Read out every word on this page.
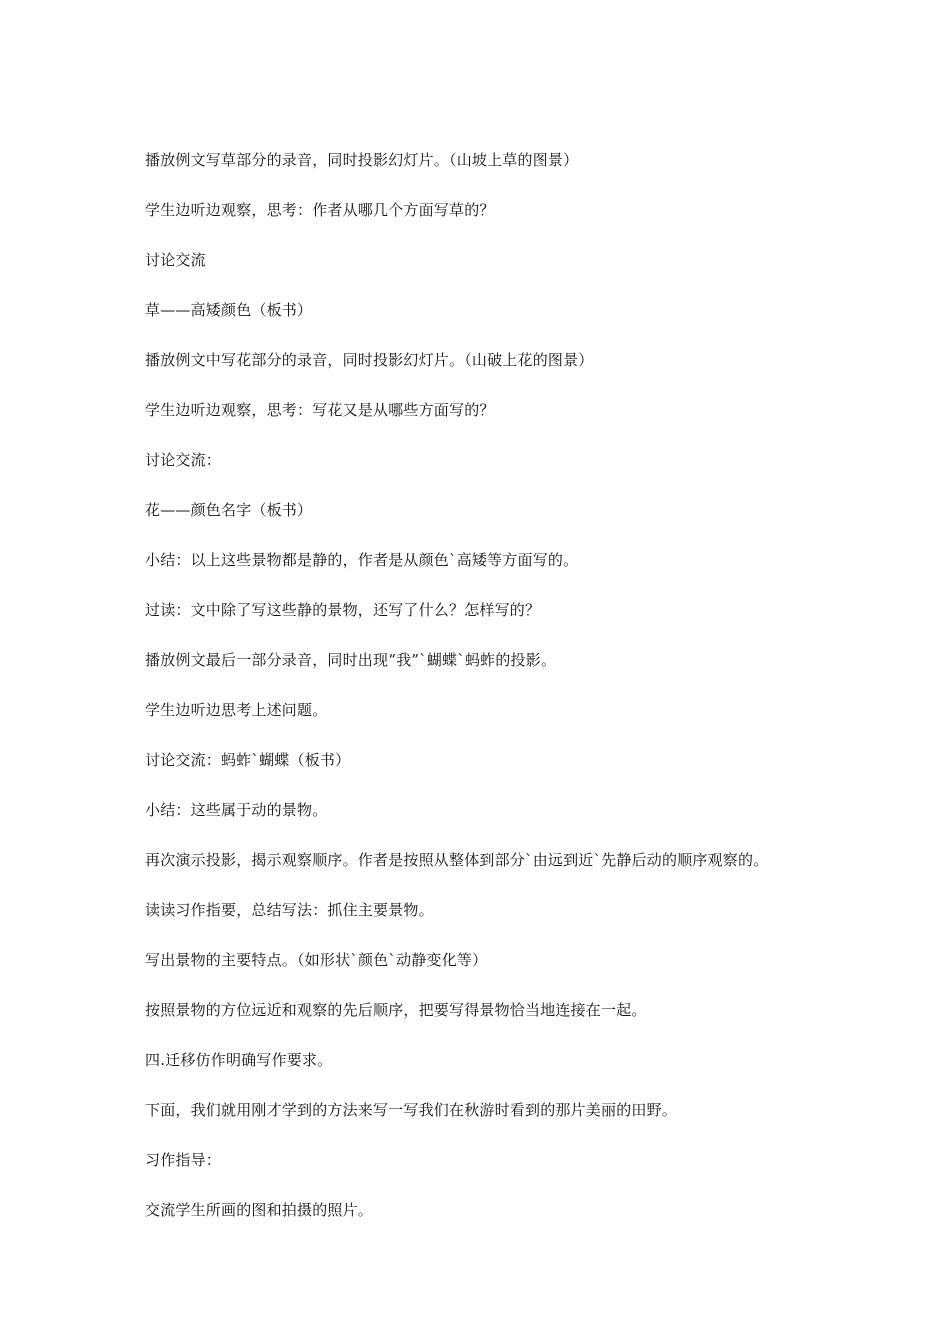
播放例文写草部分的录音，同时投影幻灯片。（山坡上草的图景）
学生边听边观察，思考：作者从哪几个方面写草的？
讨论交流
草——高矮颜色（板书）
播放例文中写花部分的录音，同时投影幻灯片。（山破上花的图景）
学生边听边观察，思考：写花又是从哪些方面写的？
讨论交流：
花——颜色名字（板书）
小结：以上这些景物都是静的，作者是从颜色`高矮等方面写的。
过读：文中除了写这些静的景物，还写了什么？怎样写的？
播放例文最后一部分录音，同时出现“我”`蝴蝶`蚂蚱的投影。
学生边听边思考上述问题。
讨论交流：蚂蚱`蝴蝶（板书）
小结：这些属于动的景物。
再次演示投影，揭示观察顺序。作者是按照从整体到部分`由远到近`先静后动的顺序观察的。
读读习作指要，总结写法：抓住主要景物。
写出景物的主要特点。（如形状`颜色`动静变化等）
按照景物的方位远近和观察的先后顺序，把要写得景物恰当地连接在一起。
四.迁移仿作明确写作要求。
下面，我们就用刚才学到的方法来写一写我们在秋游时看到的那片美丽的田野。
习作指导：
交流学生所画的图和拍摄的照片。
